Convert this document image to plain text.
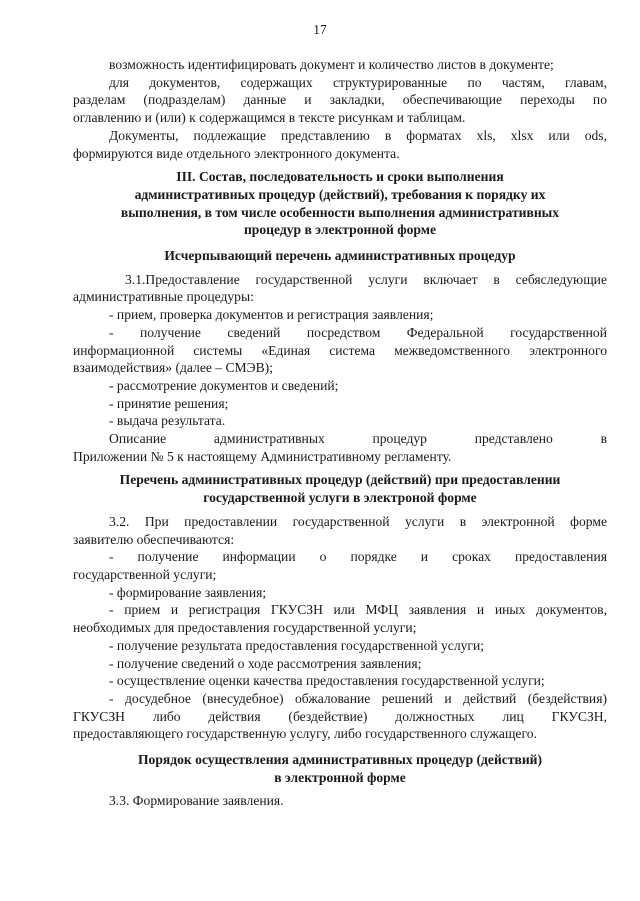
17

возможность идентифицировать документ и количество листов в документе;

для документов, содержащих структурированные по частям, главам,

разделам (подразделам) данные и закладки, обеспечивающие переходы по

оглавлению и (или) к содержащимся в тексте рисункам и таблицам.

Документы, подлежащие представлению в форматах xls, xlsx или ods,

формируются виде отдельного электронного документа.

III. Состав, последовательность и сроки выполнения

административных процедур (действий), требования к порядку их

выполнения, в том числе особенности выполнения административных

процедур в электронной форме

Исчерпывающий перечень административных процедур

3.1.Предоставление государственной услуги включает в себяследующие

административные процедуры:

- прием, проверка документов и регистрация заявления;

- получение сведений посредством Федеральной государственной

информационной системы «Единая система межведомственного электронного

взаимодействия» (далее – СМЭВ);

- рассмотрение документов и сведений;

- принятие решения;

- выдача результата.

Описание административных процедур представлено в

Приложении № 5 к настоящему Административному регламенту.

Перечень административных процедур (действий) при предоставлении

государственной услуги в электроной форме

3.2. При предоставлении государственной услуги в электронной форме

заявителю обеспечиваются:

- получение информации о порядке и сроках предоставления

государственной услуги;

- формирование заявления;

- прием и регистрация ГКУСЗН или МФЦ заявления и иных документов,

необходимых для предоставления государственной услуги;

- получение результата предоставления государственной услуги;

- получение сведений о ходе рассмотрения заявления;

- осуществление оценки качества предоставления государственной услуги;

- досудебное (внесудебное) обжалование решений и действий (бездействия)

ГКУСЗН либо действия (бездействие) должностных лиц ГКУСЗН,

предоставляющего государственную услугу, либо государственного служащего.

Порядок осуществления административных процедур (действий)

в электронной форме

3.3. Формирование заявления.
